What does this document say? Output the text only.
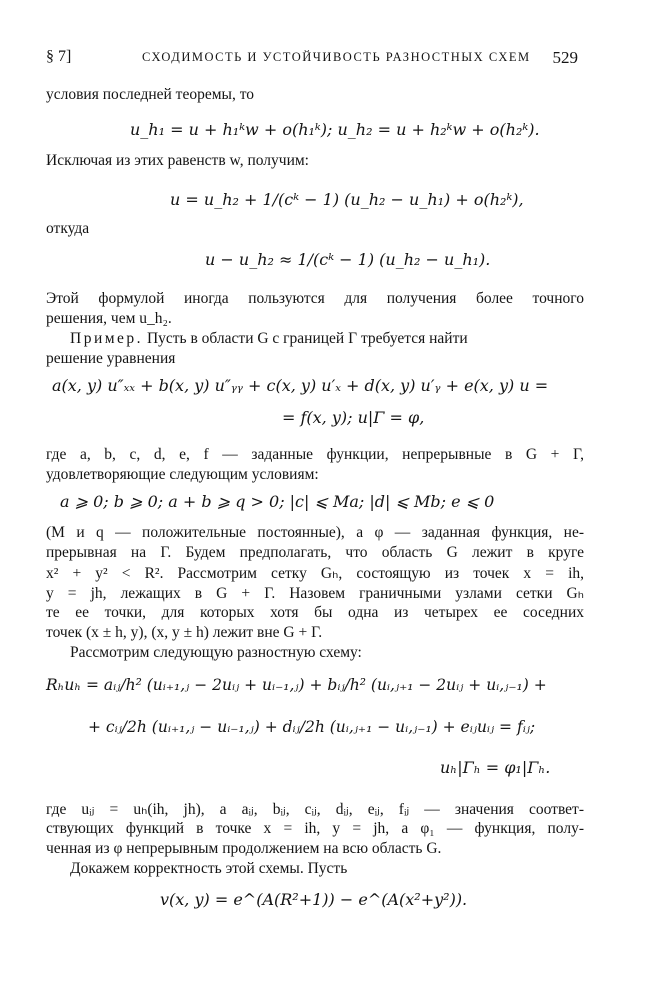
§ 7]	СХОДИМОСТЬ И УСТОЙЧИВОСТЬ РАЗНОСТНЫХ СХЕМ 529
условия последней теоремы, то
u_h₁ = u + h₁ᵏw + o(h₁ᵏ); u_h₂ = u + h₂ᵏw + o(h₂ᵏ).
Исключая из этих равенств w, получим:
u = u_h₂ + 1/(cᵏ − 1) (u_h₂ − u_h₁) + o(h₂ᵏ),
откуда
u − u_h₂ ≈ 1/(cᵏ − 1) (u_h₂ − u_h₁).
Этой формулой иногда пользуются для получения более точного
решения, чем u_h₂.
Пример. Пусть в области G с границей Γ требуется найти
решение уравнения
a(x, y) u″ₓₓ + b(x, y) u″ᵧᵧ + c(x, y) u′ₓ + d(x, y) u′ᵧ + e(x, y) u =
= f(x, y); u|Γ = φ,
где a, b, c, d, e, f — заданные функции, непрерывные в G + Γ,
удовлетворяющие следующим условиям:
a ⩾ 0; b ⩾ 0; a + b ⩾ q > 0; |c| ⩽ Ma; |d| ⩽ Mb; e ⩽ 0
(M и q — положительные постоянные), а φ — заданная функция, не-
прерывная на Γ. Будем предполагать, что область G лежит в круге
x² + y² < R². Рассмотрим сетку Gₕ, состоящую из точек x = ih,
y = jh, лежащих в G + Γ. Назовем граничными узлами сетки Gₕ
те ее точки, для которых хотя бы одна из четырех ее соседних
точек (x ± h, y), (x, y ± h) лежит вне G + Γ.
Рассмотрим следующую разностную схему:
Rₕuₕ = aᵢⱼ/h² (uᵢ₊₁,ⱼ − 2uᵢⱼ + uᵢ₋₁,ⱼ) + bᵢⱼ/h² (uᵢ,ⱼ₊₁ − 2uᵢⱼ + uᵢ,ⱼ₋₁) +
+ cᵢⱼ/2h (uᵢ₊₁,ⱼ − uᵢ₋₁,ⱼ) + dᵢⱼ/2h (uᵢ,ⱼ₊₁ − uᵢ,ⱼ₋₁) + eᵢⱼuᵢⱼ = fᵢⱼ;
uₕ|Γₕ = φ₁|Γₕ.
где uᵢⱼ = uₕ(ih, jh), а aᵢⱼ, bᵢⱼ, cᵢⱼ, dᵢⱼ, eᵢⱼ, fᵢⱼ — значения соответ-
ствующих функций в точке x = ih, y = jh, а φ₁ — функция, полу-
ченная из φ непрерывным продолжением на всю область G.
Докажем корректность этой схемы. Пусть
v(x, y) = e^(A(R²+1)) − e^(A(x²+y²)).
